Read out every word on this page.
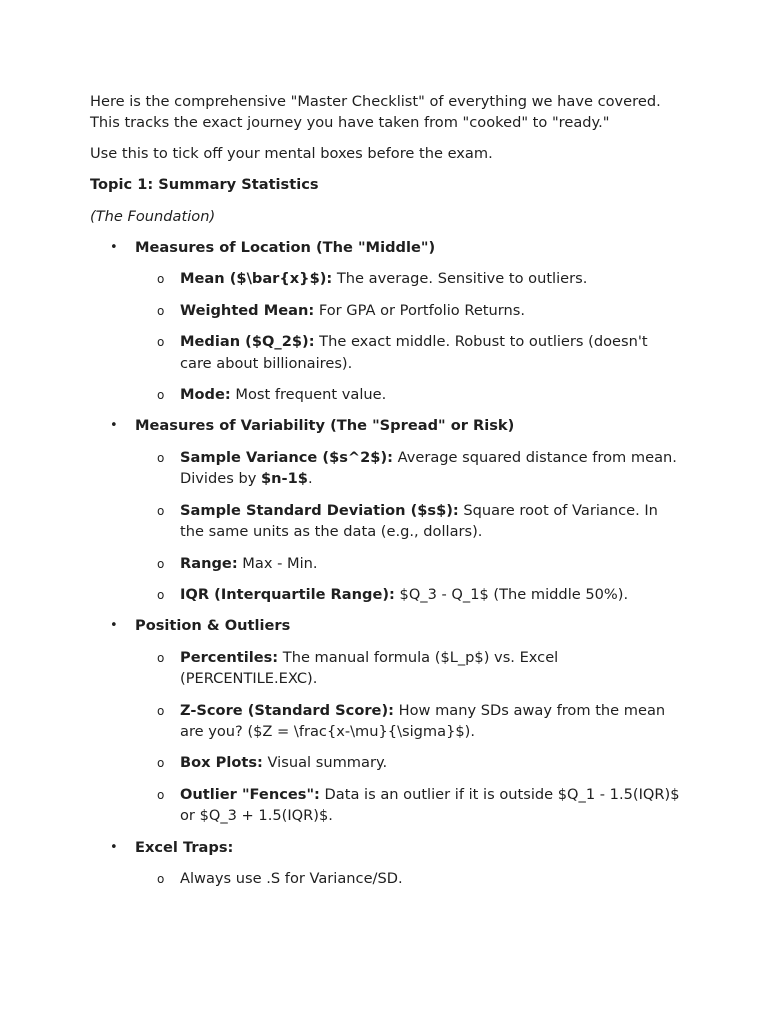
Here is the comprehensive "Master Checklist" of everything we have covered. This tracks the exact journey you have taken from "cooked" to "ready."

Use this to tick off your mental boxes before the exam.

Topic 1: Summary Statistics

(The Foundation)

• Measures of Location (The "Middle")
o Mean ($\bar{x}$): The average. Sensitive to outliers.
o Weighted Mean: For GPA or Portfolio Returns.
o Median ($Q_2$): The exact middle. Robust to outliers (doesn't care about billionaires).
o Mode: Most frequent value.
• Measures of Variability (The "Spread" or Risk)
o Sample Variance ($s^2$): Average squared distance from mean. Divides by $n-1$.
o Sample Standard Deviation ($s$): Square root of Variance. In the same units as the data (e.g., dollars).
o Range: Max - Min.
o IQR (Interquartile Range): $Q_3 - Q_1$ (The middle 50%).
• Position & Outliers
o Percentiles: The manual formula ($L_p$) vs. Excel (PERCENTILE.EXC).
o Z-Score (Standard Score): How many SDs away from the mean are you? ($Z = \frac{x-\mu}{\sigma}$).
o Box Plots: Visual summary.
o Outlier "Fences": Data is an outlier if it is outside $Q_1 - 1.5(IQR)$ or $Q_3 + 1.5(IQR)$.
• Excel Traps:
o Always use .S for Variance/SD.
